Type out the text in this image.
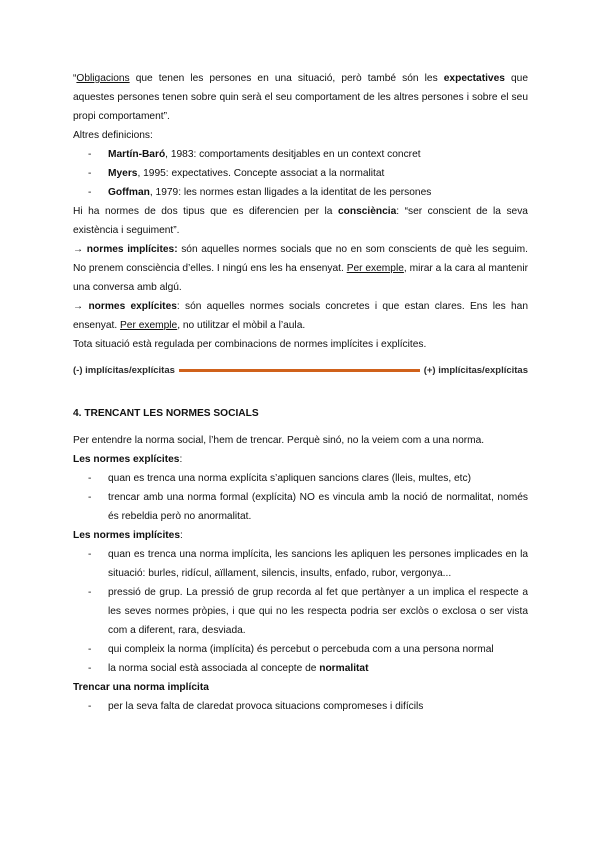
“Obligacions que tenen les persones en una situació, però també són les expectatives que aquestes persones tenen sobre quin serà el seu comportament de les altres persones i sobre el seu propi comportament”.

Altres definicions:

- Martín-Baró, 1983: comportaments desitjables en un context concret
- Myers, 1995: expectatives. Concepte associat a la normalitat
- Goffman, 1979: les normes estan lligades a la identitat de les persones

Hi ha normes de dos tipus que es diferencien per la consciència: “ser conscient de la seva existència i seguiment”.

→ normes implícites: són aquelles normes socials que no en som conscients de què les seguim. No prenem consciència d’elles. I ningú ens les ha ensenyat. Per exemple, mirar a la cara al mantenir una conversa amb algú.

→ normes explícites: són aquelles normes socials concretes i que estan clares. Ens les han ensenyat. Per exemple, no utilitzar el mòbil a l’aula.

Tota situació està regulada per combinacions de normes implícites i explícites.

(-) implícitas/explícitas	(+) implícitas/explícitas

4. TRENCANT LES NORMES SOCIALS

Per entendre la norma social, l’hem de trencar. Perquè sinó, no la veiem com a una norma.

Les normes explícites:

- quan es trenca una norma explícita s’apliquen sancions clares (lleis, multes, etc)
- trencar amb una norma formal (explícita) NO es vincula amb la noció de normalitat, només és rebeldia però no anormalitat.

Les normes implícites:

- quan es trenca una norma implícita, les sancions les apliquen les persones implicades en la situació: burles, ridícul, aïllament, silencis, insults, enfado, rubor, vergonya...
- pressió de grup. La pressió de grup recorda al fet que pertànyer a un implica el respecte a les seves normes pròpies, i que qui no les respecta podria ser exclòs o exclosa o ser vista com a diferent, rara, desviada.
- qui compleix la norma (implícita) és percebut o percebuda com a una persona normal
- la norma social està associada al concepte de normalitat

Trencar una norma implícita

- per la seva falta de claredat provoca situacions compromeses i difícils
